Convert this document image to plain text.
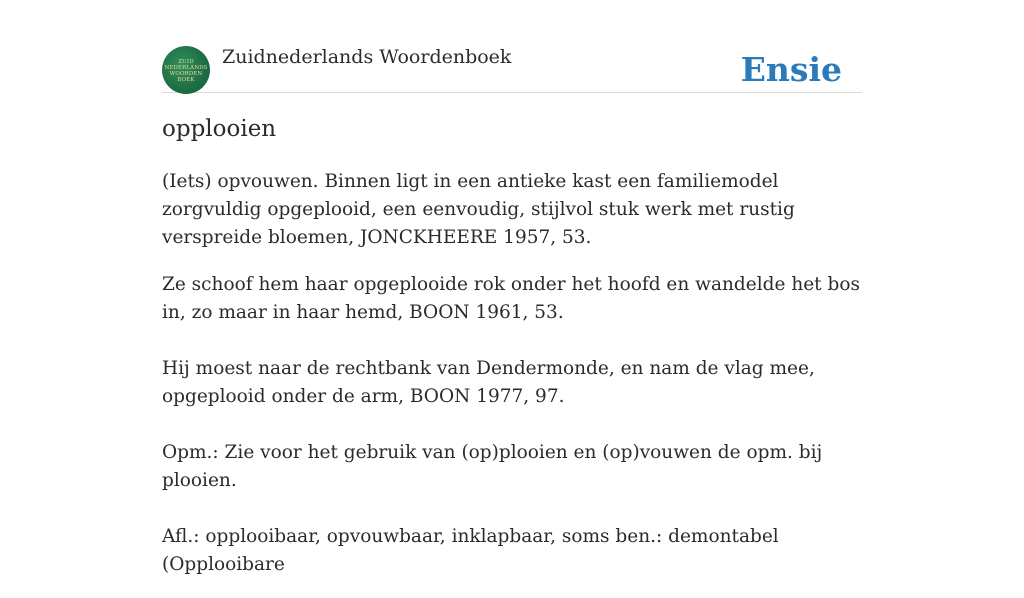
ZUID
NEDERLANDS
WOORDEN
BOEK
Zuidnederlands Woordenboek	Ensie
opplooien

(Iets) opvouwen. Binnen ligt in een antieke kast een familiemodel zorgvuldig opgeplooid, een eenvoudig, stijlvol stuk werk met rustig verspreide bloemen, JONCKHEERE 1957, 53.

Ze schoof hem haar opgeplooide rok onder het hoofd en wandelde het bos in, zo maar in haar hemd, BOON 1961, 53.

Hij moest naar de rechtbank van Dendermonde, en nam de vlag mee, opgeplooid onder de arm, BOON 1977, 97.

Opm.: Zie voor het gebruik van (op)plooien en (op)vouwen de opm. bij plooien.

Afl.: opplooibaar, opvouwbaar, inklapbaar, soms ben.: demontabel (Opplooibare
